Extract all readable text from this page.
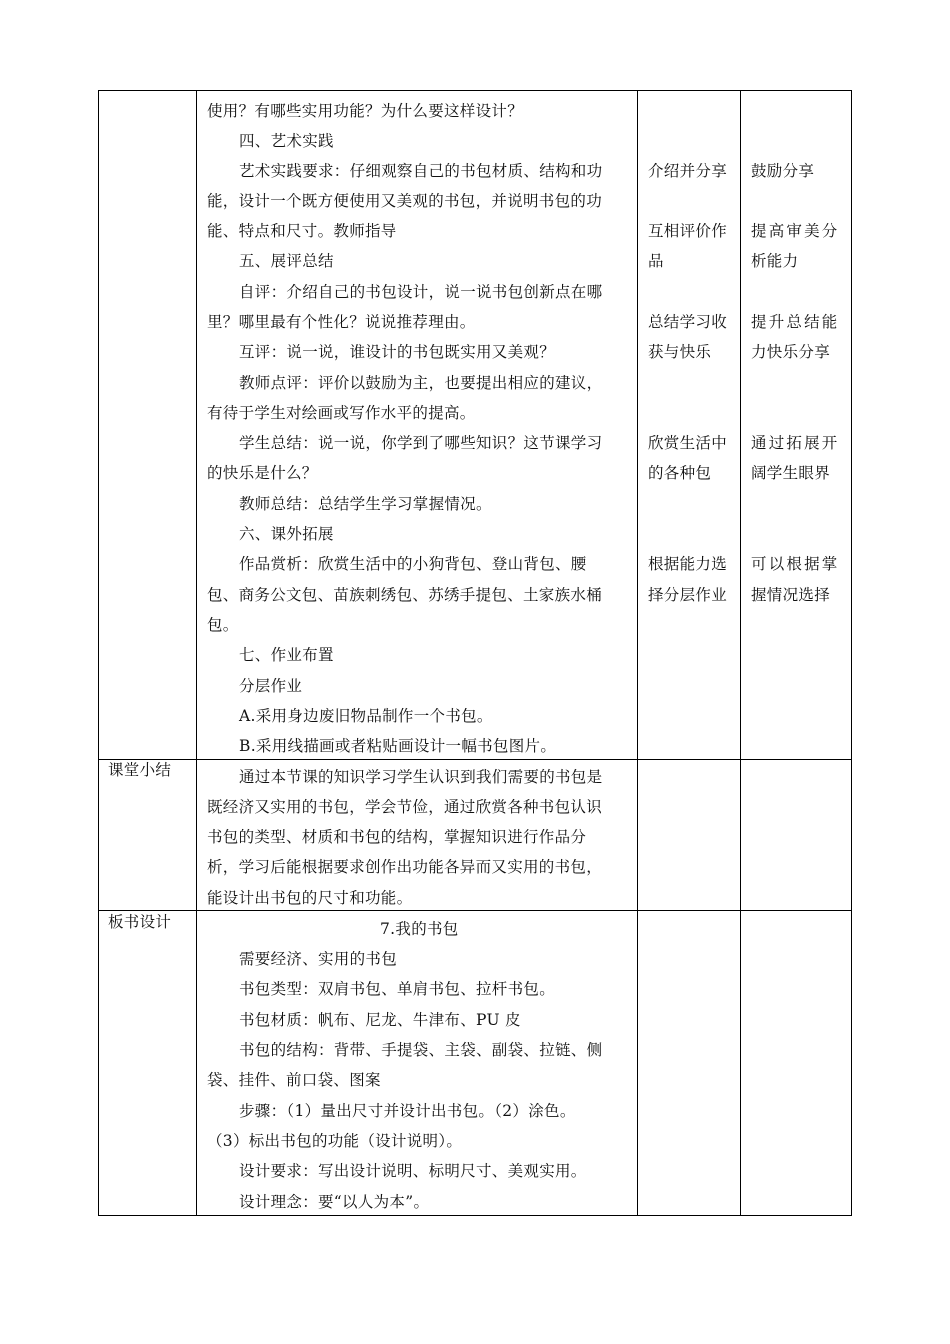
使用？有哪些实用功能？为什么要这样设计？
四、艺术实践
艺术实践要求：仔细观察自己的书包材质、结构和功
能，设计一个既方便使用又美观的书包，并说明书包的功
能、特点和尺寸。教师指导
五、展评总结
自评：介绍自己的书包设计，说一说书包创新点在哪
里？哪里最有个性化？说说推荐理由。
互评：说一说，谁设计的书包既实用又美观？
教师点评：评价以鼓励为主，也要提出相应的建议，
有待于学生对绘画或写作水平的提高。
学生总结：说一说，你学到了哪些知识？这节课学习
的快乐是什么？
教师总结：总结学生学习掌握情况。
六、课外拓展
作品赏析：欣赏生活中的小狗背包、登山背包、腰
包、商务公文包、苗族刺绣包、苏绣手提包、土家族水桶
包。
七、作业布置
分层作业
A.采用身边废旧物品制作一个书包。
B.采用线描画或者粘贴画设计一幅书包图片。
介绍并分享
互相评价作
品
总结学习收
获与快乐
欣赏生活中
的各种包
根据能力选
择分层作业
鼓励分享
提高审美分
析能力
提升总结能
力快乐分享
通过拓展开
阔学生眼界
可以根据掌
握情况选择
课堂小结	通过本节课的知识学习学生认识到我们需要的书包是
既经济又实用的书包，学会节俭，通过欣赏各种书包认识
书包的类型、材质和书包的结构，掌握知识进行作品分
析，学习后能根据要求创作出功能各异而又实用的书包，
能设计出书包的尺寸和功能。
板书设计	7.我的书包
需要经济、实用的书包
书包类型：双肩书包、单肩书包、拉杆书包。
书包材质：帆布、尼龙、牛津布、PU 皮
书包的结构：背带、手提袋、主袋、副袋、拉链、侧
袋、挂件、前口袋、图案
步骤：（1）量出尺寸并设计出书包。（2）涂色。
（3）标出书包的功能（设计说明）。
设计要求：写出设计说明、标明尺寸、美观实用。
设计理念：要“以人为本”。
